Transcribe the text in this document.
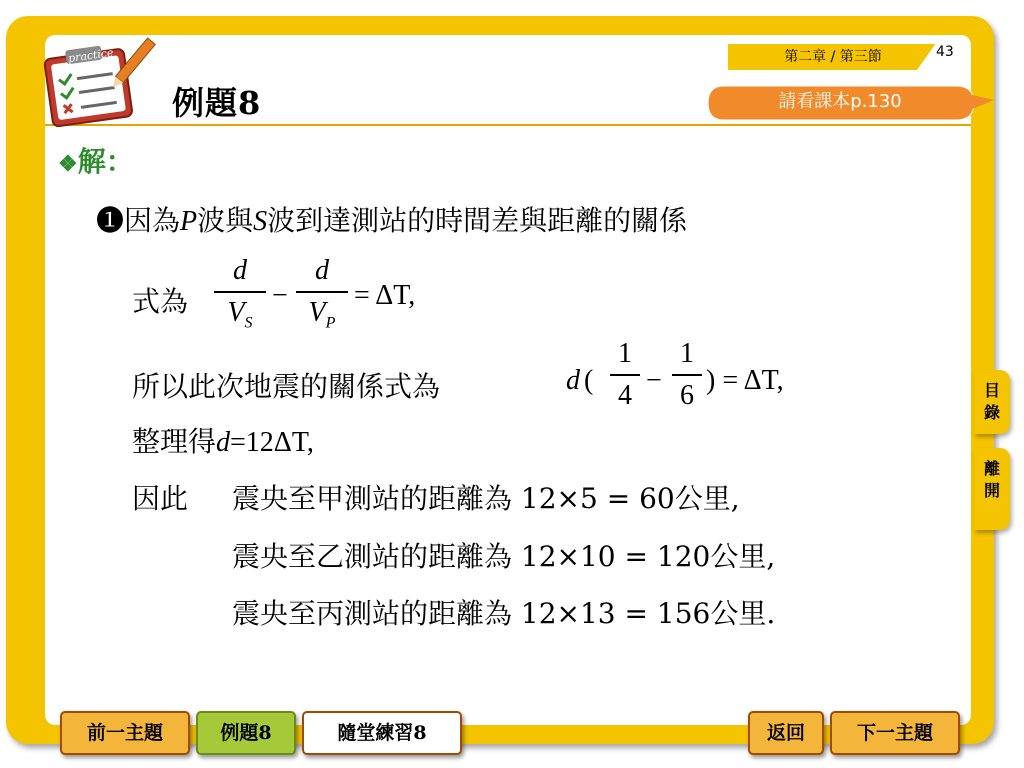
practice
例題8
第二章 / 第三節	43
請看課本p.130
❖解：
❶因為P波與S波到達測站的時間差與距離的關係
式為
d
$V_S$
−
d
$V_P$
= ΔT,
所以此次地震的關係式為	d (
1
4 −
1
6 ) = ΔT,
整理得d=12ΔT,
因此 震央至甲測站的距離為 12×5 = 60公里,
震央至乙測站的距離為 12×10 = 120公里,
震央至丙測站的距離為 12×13 = 156公里.
目
錄
離
開
前一主題	例題8	隨堂練習8	返回	下一主題
